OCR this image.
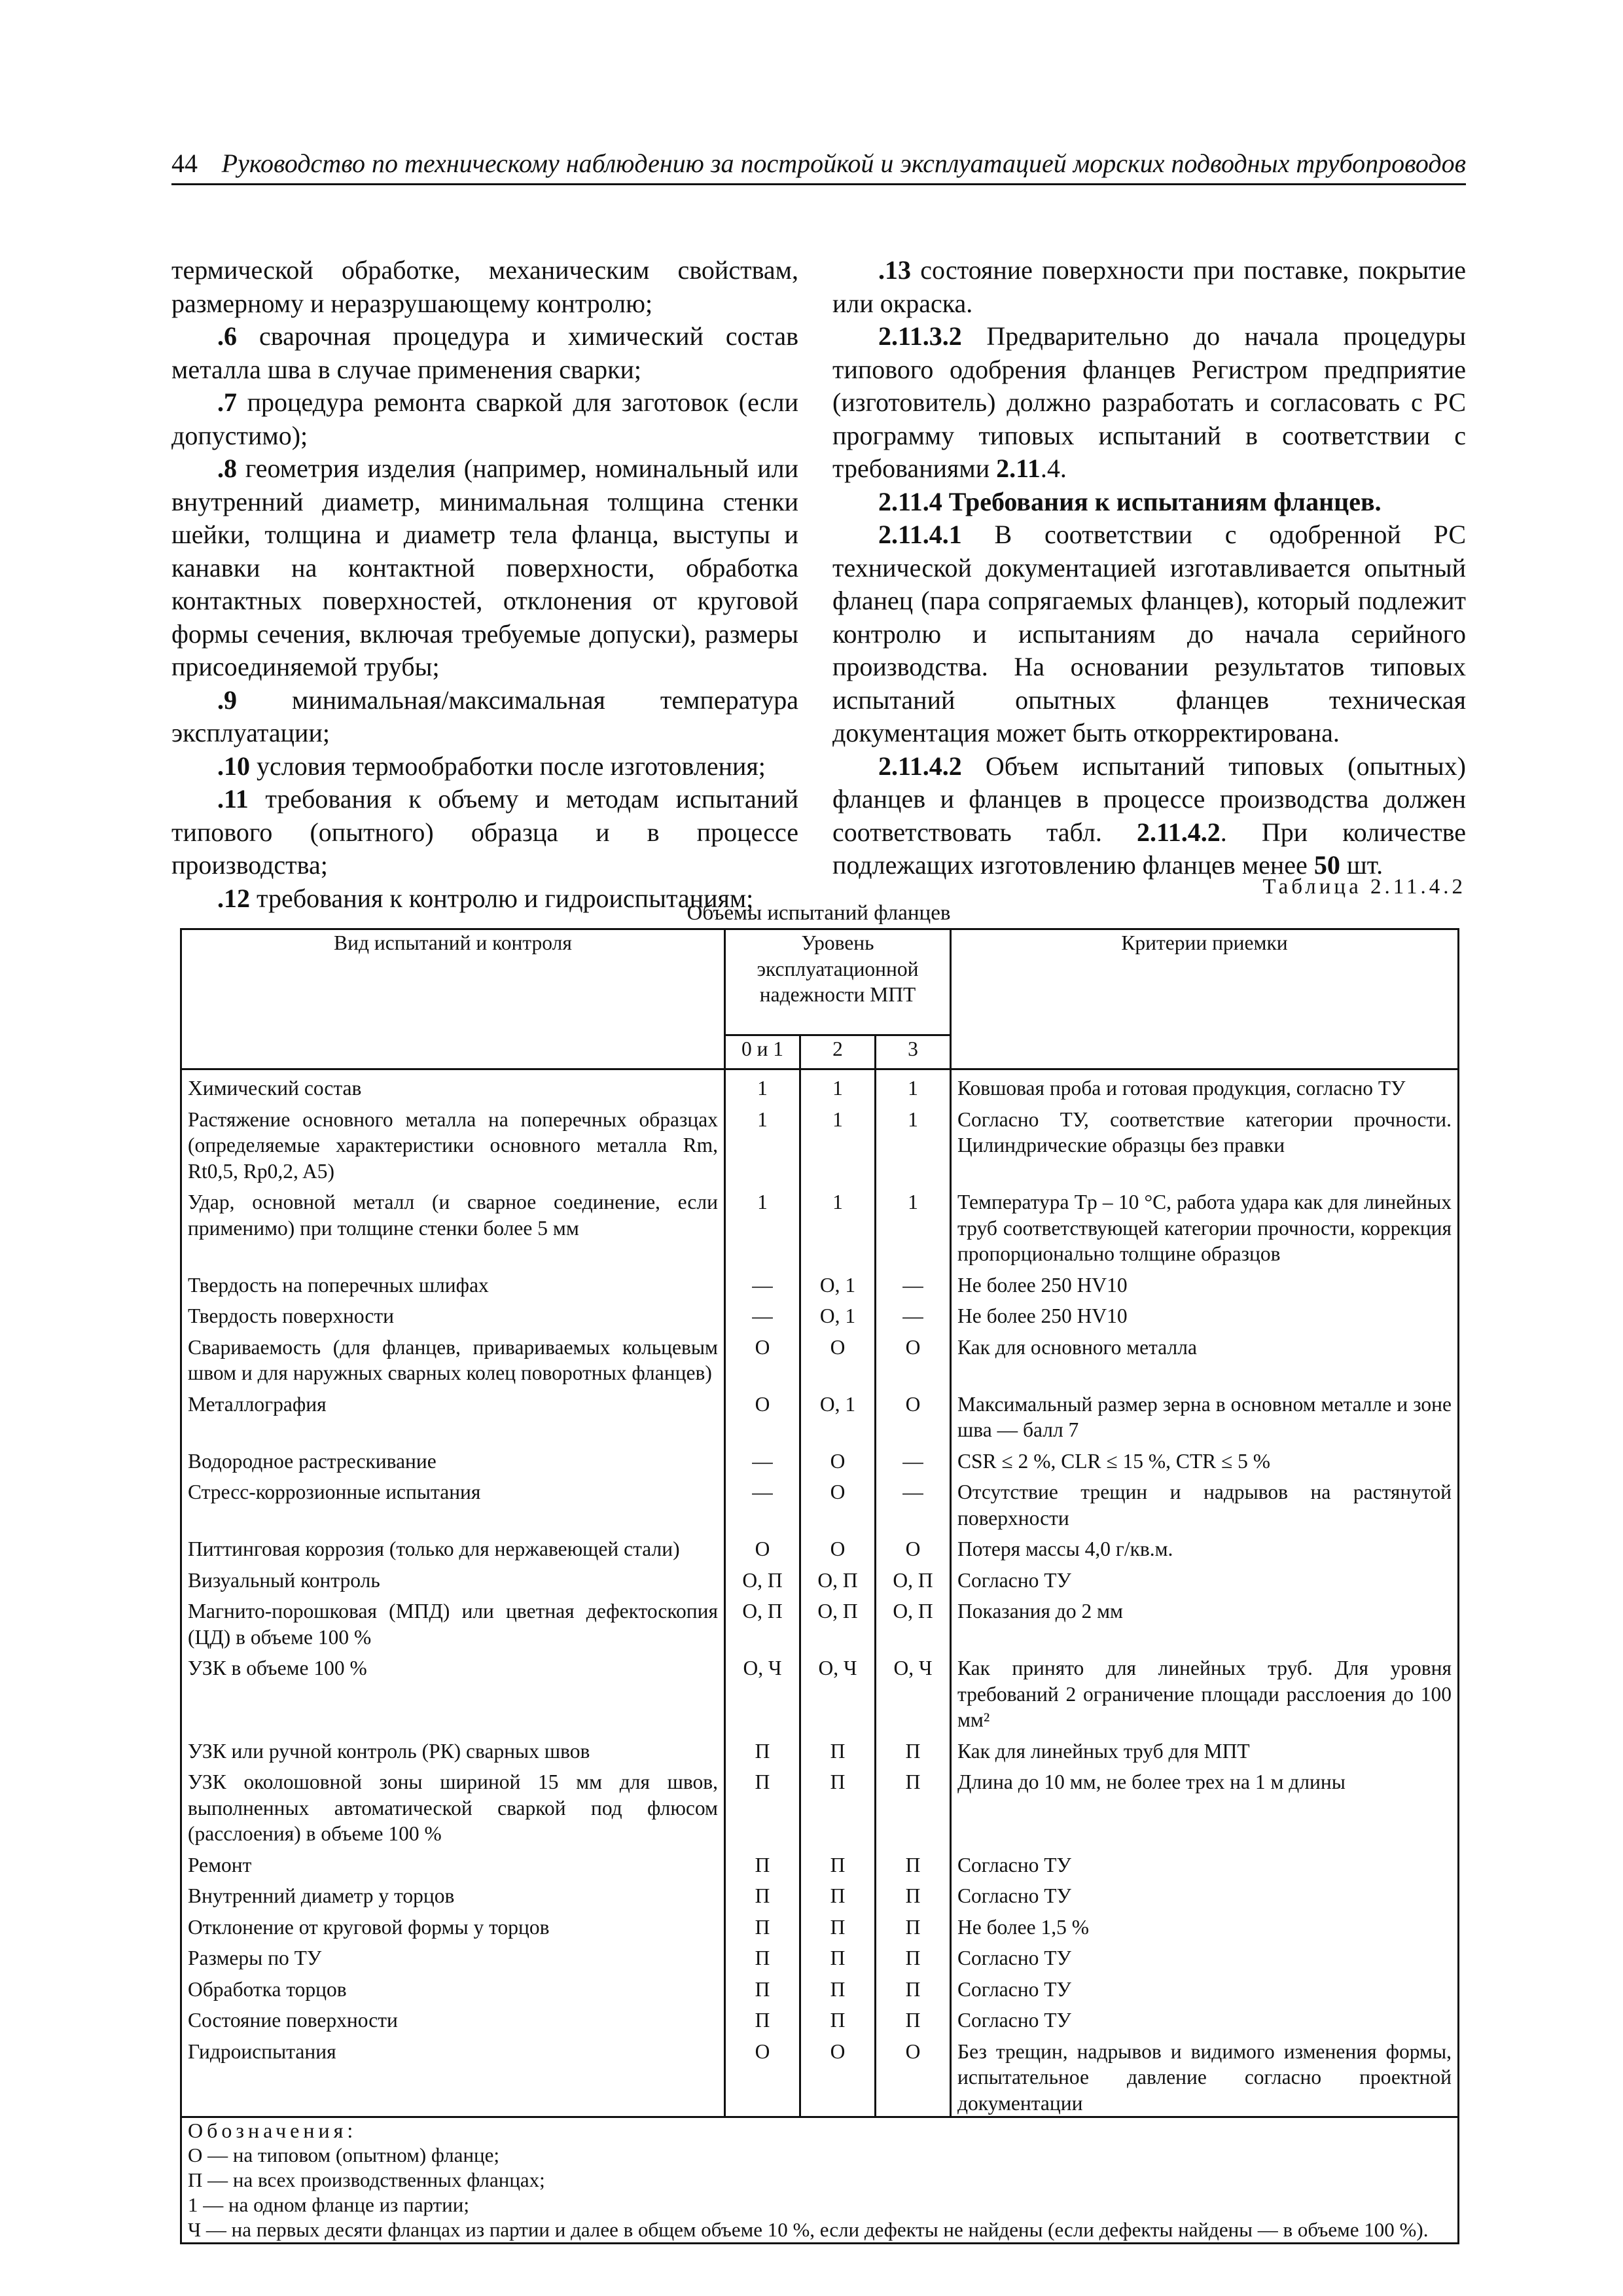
44 Руководство по техническому наблюдению за постройкой и эксплуатацией морских подводных трубопроводов

термической обработке, механическим свойствам, размерному и неразрушающему контролю;

.6 сварочная процедура и химический состав металла шва в случае применения сварки;

.7 процедура ремонта сваркой для заготовок (если допустимо);

.8 геометрия изделия (например, номинальный или внутренний диаметр, минимальная толщина стенки шейки, толщина и диаметр тела фланца, выступы и канавки на контактной поверхности, обработка контактных поверхностей, отклонения от круговой формы сечения, включая требуемые допуски), размеры присоединяемой трубы;

.9 минимальная/максимальная температура эксплуатации;

.10 условия термообработки после изготовления;

.11 требования к объему и методам испытаний типового (опытного) образца и в процессе производства;

.12 требования к контролю и гидроиспытаниям;

.13 состояние поверхности при поставке, покрытие или окраска.

2.11.3.2 Предварительно до начала процедуры типового одобрения фланцев Регистром предприятие (изготовитель) должно разработать и согласовать с РС программу типовых испытаний в соответствии с требованиями 2.11.4.

2.11.4 Требования к испытаниям фланцев.

2.11.4.1 В соответствии с одобренной РС технической документацией изготавливается опытный фланец (пара сопрягаемых фланцев), который подлежит контролю и испытаниям до начала серийного производства. На основании результатов типовых испытаний опытных фланцев техническая документация может быть откорректирована.

2.11.4.2 Объем испытаний типовых (опытных) фланцев и фланцев в процессе производства должен соответствовать табл. 2.11.4.2. При количестве подлежащих изготовлению фланцев менее 50 шт.

Таблица 2.11.4.2
Объемы испытаний фланцев
Вид испытаний и контроля	Уровень эксплуатационной надежности МПТ			Критерии приемки
	0 и 1	2	3	
Химический состав	1	1	1	Ковшовая проба и готовая продукция, согласно ТУ
Растяжение основного металла на поперечных образцах (определяемые характеристики основного металла Rm, Rt0,5, Rp0,2, A5)	1	1	1	Согласно ТУ, соответствие категории прочности. Цилиндрические образцы без правки
Удар, основной металл (и сварное соединение, если применимо) при толщине стенки более 5 мм	1	1	1	Температура Tp – 10 °C, работа удара как для линейных труб соответствующей категории прочности, коррекция пропорционально толщине образцов
Твердость на поперечных шлифах	—	О, 1	—	Не более 250 HV10
Твердость поверхности	—	О, 1	—	Не более 250 HV10
Свариваемость (для фланцев, привариваемых кольцевым швом и для наружных сварных колец поворотных фланцев)	О	О	О	Как для основного металла
Металлография	О	О, 1	О	Максимальный размер зерна в основном металле и зоне шва — балл 7
Водородное растрескивание	—	О	—	CSR ≤ 2 %, CLR ≤ 15 %, CTR ≤ 5 %
Стресс-коррозионные испытания	—	О	—	Отсутствие трещин и надрывов на растянутой поверхности
Питтинговая коррозия (только для нержавеющей стали)	О	О	О	Потеря массы 4,0 г/кв.м.
Визуальный контроль	О, П	О, П	О, П	Согласно ТУ
Магнито-порошковая (МПД) или цветная дефектоскопия (ЦД) в объеме 100 %	О, П	О, П	О, П	Показания до 2 мм
УЗК в объеме 100 %	О, Ч	О, Ч	О, Ч	Как принято для линейных труб. Для уровня требований 2 ограничение площади расслоения до 100 мм²
УЗК или ручной контроль (РК) сварных швов	П	П	П	Как для линейных труб для МПТ
УЗК околошовной зоны шириной 15 мм для швов, выполненных автоматической сваркой под флюсом (расслоения) в объеме 100 %	П	П	П	Длина до 10 мм, не более трех на 1 м длины
Ремонт	П	П	П	Согласно ТУ
Внутренний диаметр у торцов	П	П	П	Согласно ТУ
Отклонение от круговой формы у торцов	П	П	П	Не более 1,5 %
Размеры по ТУ	П	П	П	Согласно ТУ
Обработка торцов	П	П	П	Согласно ТУ
Состояние поверхности	П	П	П	Согласно ТУ
Гидроиспытания	О	О	О	Без трещин, надрывов и видимого изменения формы, испытательное давление согласно проектной документации

Обозначения:
О — на типовом (опытном) фланце;
П — на всех производственных фланцах;
1 — на одном фланце из партии;
Ч — на первых десяти фланцах из партии и далее в общем объеме 10 %, если дефекты не найдены (если дефекты найдены — в объеме 100 %).				
